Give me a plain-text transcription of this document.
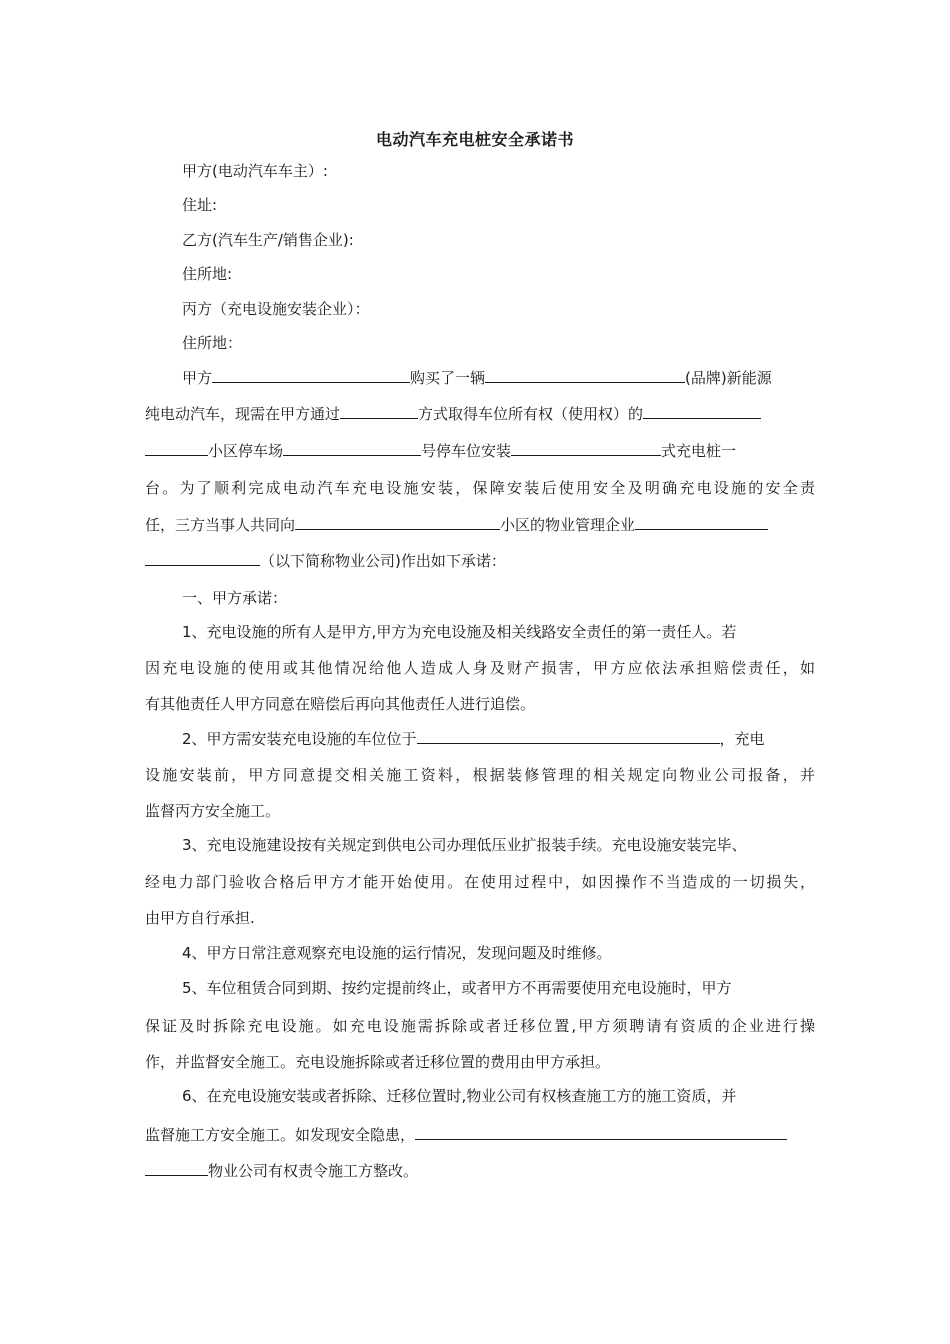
电动汽车充电桩安全承诺书
甲方(电动汽车车主）:
住址:
乙方(汽车生产/销售企业):
住所地:
丙方（充电设施安装企业）：
住所地：
甲方	购买了一辆	(品牌)新能源
纯电动汽车，现需在甲方通过	方式取得车位所有权（使用权）的
小区停车场	号停车位安装	式充电桩一
台。为了顺利完成电动汽车充电设施安装，保障安装后使用安全及明确充电设施的安全责
任，三方当事人共同向	小区的物业管理企业
（以下简称物业公司)作出如下承诺：
一、甲方承诺：
1、充电设施的所有人是甲方,甲方为充电设施及相关线路安全责任的第一责任人。若
因充电设施的使用或其他情况给他人造成人身及财产损害，甲方应依法承担赔偿责任，如
有其他责任人甲方同意在赔偿后再向其他责任人进行追偿。
2、甲方需安装充电设施的车位位于	，充电
设施安装前，甲方同意提交相关施工资料，根据装修管理的相关规定向物业公司报备，并
监督丙方安全施工。
3、充电设施建设按有关规定到供电公司办理低压业扩报装手续。充电设施安装完毕、
经电力部门验收合格后甲方才能开始使用。在使用过程中，如因操作不当造成的一切损失，
由甲方自行承担.
4、甲方日常注意观察充电设施的运行情况，发现问题及时维修。
5、车位租赁合同到期、按约定提前终止，或者甲方不再需要使用充电设施时，甲方
保证及时拆除充电设施。如充电设施需拆除或者迁移位置,甲方须聘请有资质的企业进行操
作，并监督安全施工。充电设施拆除或者迁移位置的费用由甲方承担。
6、在充电设施安装或者拆除、迁移位置时,物业公司有权核查施工方的施工资质，并
监督施工方安全施工。如发现安全隐患，
物业公司有权责令施工方整改。
